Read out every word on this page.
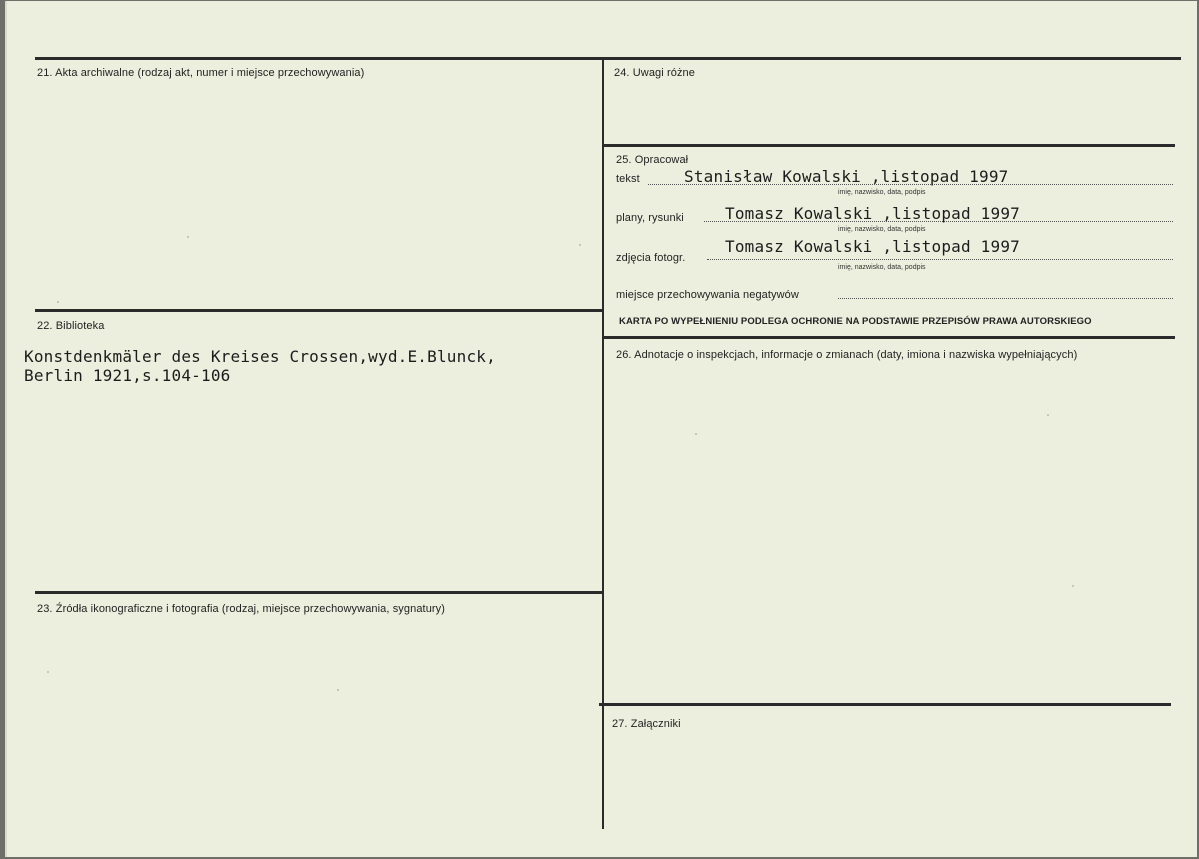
21. Akta archiwalne (rodzaj akt, numer i miejsce przechowywania)
22. Biblioteka
Konstdenkmäler des Kreises Crossen,wyd.E.Blunck,
Berlin 1921,s.104-106
23. Źródła ikonograficzne i fotografia (rodzaj, miejsce przechowywania, sygnatury)
24. Uwagi różne
25. Opracował
tekst	Stanisław Kowalski ,listopad 1997
imię, nazwisko, data, podpis
plany, rysunki	Tomasz Kowalski ,listopad 1997
imię, nazwisko, data, podpis
zdjęcia fotogr.
Tomasz Kowalski ,listopad 1997
imię, nazwisko, data, podpis
miejsce przechowywania negatywów
KARTA PO WYPEŁNIENIU PODLEGA OCHRONIE NA PODSTAWIE PRZEPISÓW PRAWA AUTORSKIEGO
26. Adnotacje o inspekcjach, informacje o zmianach (daty, imiona i nazwiska wypełniających)
27. Załączniki
